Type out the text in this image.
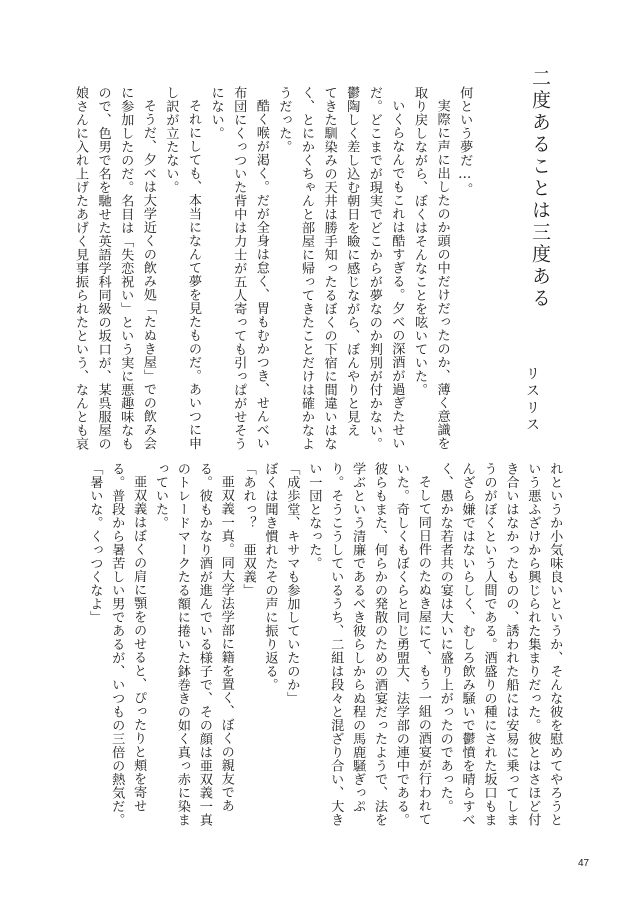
二度あることは三度ある
リスリス
何という夢だ…。
実際に声に出したのか頭の中だけだったのか、薄く意識を
取り戻しながら、ぼくはそんなことを呟いていた。
いくらなんでもこれは酷すぎる。夕べの深酒が過ぎたせい
だ。どこまでが現実でどこからが夢なのか判別が付かない。
鬱陶しく差し込む朝日を瞼に感じながら、ぼんやりと見え
てきた馴染みの天井は勝手知ったるぼくの下宿に間違いはな
く、とにかくちゃんと部屋に帰ってきたことだけは確かなよ
うだった。
酷く喉が渇く。だが全身は怠く、胃もむかつき、せんべい
布団にくっついた背中は力士が五人寄っても引っぱがせそう
にない。
それにしても、本当になんて夢を見たものだ。あいつに申
し訳が立たない。
そうだ、夕べは大学近くの飲み処「たぬき屋」での飲み会
に参加したのだ。名目は「失恋祝い」という実に悪趣味なも
ので、色男で名を馳せた英語学科同級の坂口が、某呉服屋の
娘さんに入れ上げたあげく見事振られたという、なんとも哀
れというか小気味良いというか、そんな彼を慰めてやろうと
いう悪ふざけから興じられた集まりだった。彼とはさほど付
き合いはなかったものの、誘われた船には安易に乗ってしま
うのがぼくという人間である。酒盛りの種にされた坂口もま
んざら嫌ではないらしく、むしろ飲み騒いで鬱憤を晴らすべ
く、愚かな若者共の宴は大いに盛り上がったのであった。
そして同日件のたぬき屋にて、もう一組の酒宴が行われて
いた。奇しくもぼくらと同じ勇盟大、法学部の連中である。
彼らもまた、何らかの発散のための酒宴だったようで、法を
学ぶという清廉であるべき彼らしからぬ程の馬鹿騒ぎっぷ
り。そうこうしているうち、二組は段々と混ざり合い、大き
い一団となった。
「成歩堂、キサマも参加していたのか」
ぼくは聞き慣れたその声に振り返る。
「あれっ？　亜双義」
亜双義一真。同大学法学部に籍を置く、ぼくの親友であ
る。彼もかなり酒が進んでいる様子で、その顔は亜双義一真
のトレードマークたる額に捲いた鉢巻きの如く真っ赤に染ま
っていた。
亜双義はぼくの肩に顎をのせると、ぴったりと頬を寄せ
る。普段から暑苦しい男であるが、いつもの三倍の熱気だ。
「暑いな。くっつくなよ」
47
